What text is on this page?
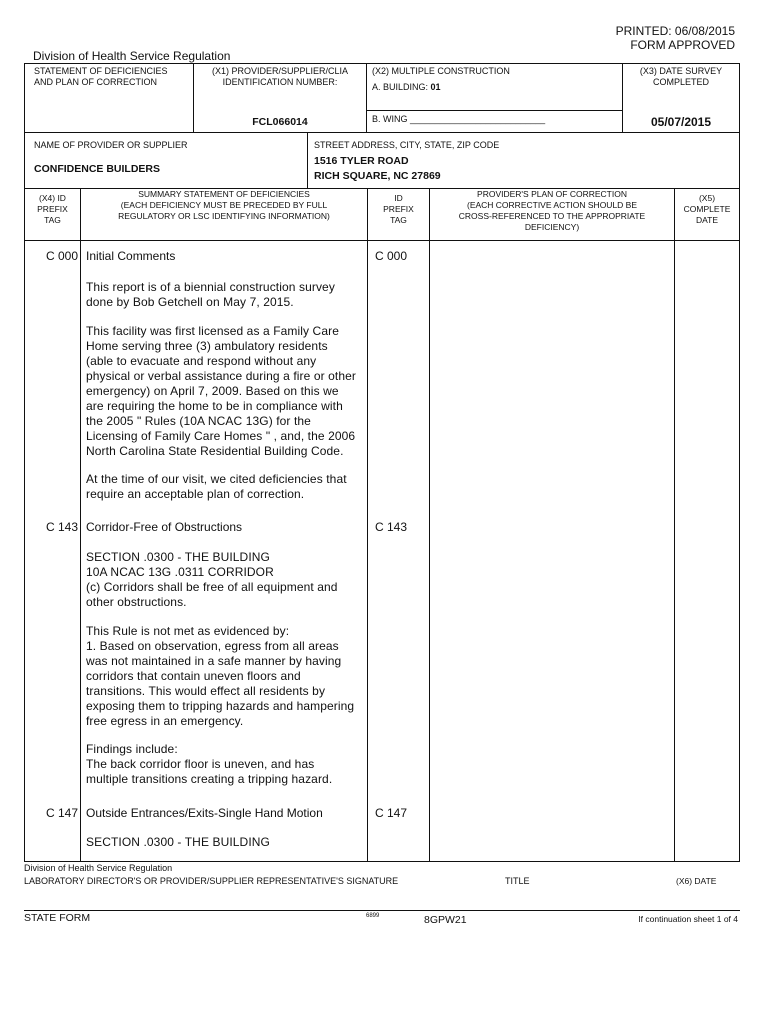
PRINTED: 06/08/2015
FORM APPROVED
Division of Health Service Regulation
STATEMENT OF DEFICIENCIES
AND PLAN OF CORRECTION
(X1) PROVIDER/SUPPLIER/CLIA
IDENTIFICATION NUMBER:
FCL066014
(X2) MULTIPLE CONSTRUCTION
A. BUILDING: 01
B. WING ___________________________
(X3) DATE SURVEY
COMPLETED
05/07/2015
NAME OF PROVIDER OR SUPPLIER
CONFIDENCE BUILDERS
STREET ADDRESS, CITY, STATE, ZIP CODE
1516 TYLER ROAD
RICH SQUARE, NC 27869
(X4) ID
PREFIX
TAG
SUMMARY STATEMENT OF DEFICIENCIES
(EACH DEFICIENCY MUST BE PRECEDED BY FULL
REGULATORY OR LSC IDENTIFYING INFORMATION)
ID
PREFIX
TAG
PROVIDER'S PLAN OF CORRECTION
(EACH CORRECTIVE ACTION SHOULD BE
CROSS-REFERENCED TO THE APPROPRIATE
DEFICIENCY)
(X5)
COMPLETE
DATE
C 000 Initial Comments	C 000
This report is of a biennial construction survey
done by Bob Getchell on May 7, 2015.
This facility was first licensed as a Family Care
Home serving three (3) ambulatory residents
(able to evacuate and respond without any
physical or verbal assistance during a fire or other
emergency) on April 7, 2009. Based on this we
are requiring the home to be in compliance with
the 2005 " Rules (10A NCAC 13G) for the
Licensing of Family Care Homes " , and, the 2006
North Carolina State Residential Building Code.
At the time of our visit, we cited deficiencies that
require an acceptable plan of correction.
C 143 Corridor-Free of Obstructions	C 143
SECTION .0300 - THE BUILDING
10A NCAC 13G .0311 CORRIDOR
(c) Corridors shall be free of all equipment and
other obstructions.
This Rule is not met as evidenced by:
1. Based on observation, egress from all areas
was not maintained in a safe manner by having
corridors that contain uneven floors and
transitions. This would effect all residents by
exposing them to tripping hazards and hampering
free egress in an emergency.
Findings include:
The back corridor floor is uneven, and has
multiple transitions creating a tripping hazard.
C 147 Outside Entrances/Exits-Single Hand Motion	C 147
SECTION .0300 - THE BUILDING
Division of Health Service Regulation
LABORATORY DIRECTOR'S OR PROVIDER/SUPPLIER REPRESENTATIVE'S SIGNATURE	TITLE	(X6) DATE
STATE FORM	6899	8GPW21	If continuation sheet 1 of 4
